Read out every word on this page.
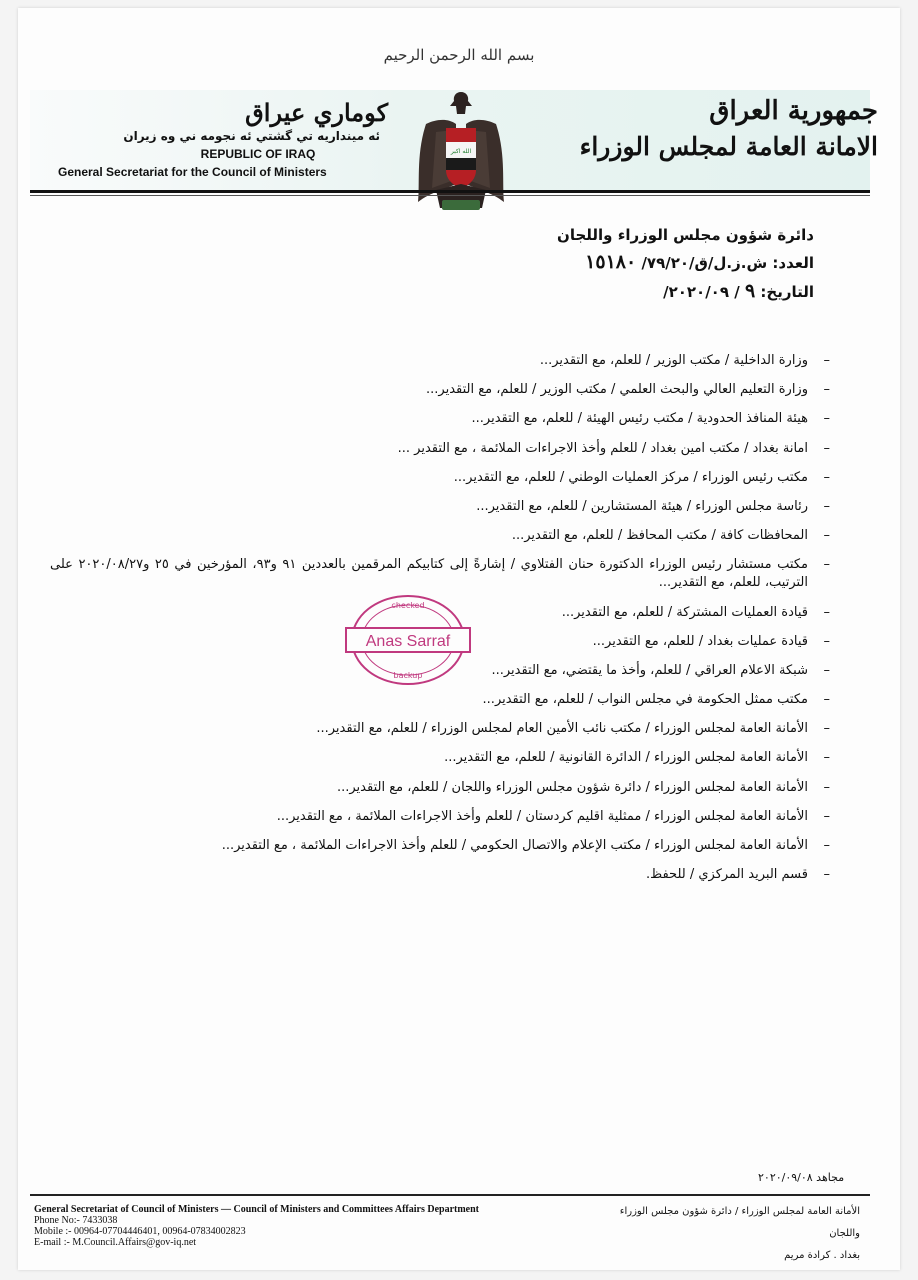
بسم الله الرحمن الرحيم
كوماري عيراق
ئه مينداريه تي گشتي ئه نجومه ني وه زيران
REPUBLIC OF IRAQ
General Secretariat for the Council of Ministers
الله اكبر
جمهورية العراق
الامانة العامة لمجلس الوزراء
دائرة شؤون مجلس الوزراء واللجان
العدد: ش.ز.ل/ق/٧٩/٢٠/ ١٥١٨٠
التاريخ: ٩ / ٢٠٢٠/٠٩/
–
وزارة الداخلية / مكتب الوزير / للعلم، مع التقدير...
–
وزارة التعليم العالي والبحث العلمي / مكتب الوزير / للعلم، مع التقدير...
–
هيئة المنافذ الحدودية / مكتب رئيس الهيئة / للعلم، مع التقدير...
–
امانة بغداد / مكتب امين بغداد / للعلم وأخذ الاجراءات الملائمة ، مع التقدير ...
–
مكتب رئيس الوزراء / مركز العمليات الوطني / للعلم، مع التقدير...
–
رئاسة مجلس الوزراء / هيئة المستشارين / للعلم، مع التقدير...
–
المحافظات كافة / مكتب المحافظ / للعلم، مع التقدير...
–
مكتب مستشار رئيس الوزراء الدكتورة حنان الفتلاوي / إشارةً إلى كتابيكم المرقمين بالعددين ٩١ و٩٣، المؤرخين في ٢٥ و٢٠٢٠/٠٨/٢٧ على الترتيب، للعلم، مع التقدير...
–
قيادة العمليات المشتركة / للعلم، مع التقدير...
–
قيادة عمليات بغداد / للعلم، مع التقدير...
–
شبكة الاعلام العراقي / للعلم، وأخذ ما يقتضي، مع التقدير...
–
مكتب ممثل الحكومة في مجلس النواب / للعلم، مع التقدير...
–
الأمانة العامة لمجلس الوزراء / مكتب نائب الأمين العام لمجلس الوزراء / للعلم، مع التقدير...
–
الأمانة العامة لمجلس الوزراء / الدائرة القانونية / للعلم، مع التقدير...
–
الأمانة العامة لمجلس الوزراء / دائرة شؤون مجلس الوزراء واللجان / للعلم، مع التقدير...
–
الأمانة العامة لمجلس الوزراء / ممثلية اقليم كردستان / للعلم وأخذ الاجراءات الملائمة ، مع التقدير...
–
الأمانة العامة لمجلس الوزراء / مكتب الإعلام والاتصال الحكومي / للعلم وأخذ الاجراءات الملائمة ، مع التقدير...
–
قسم البريد المركزي / للحفظ.
checked
Anas Sarraf
backup
مجاهد ٢٠٢٠/٠٩/٠٨
General Secretariat of Council of Ministers — Council of Ministers and Committees Affairs Department
Phone No:- 7433038
Mobile :- 00964-07704446401, 00964-07834002823
E-mail :- M.Council.Affairs@gov-iq.net
الأمانة العامة لمجلس الوزراء / دائرة شؤون مجلس الوزراء واللجان
بغداد . كرادة مريم
